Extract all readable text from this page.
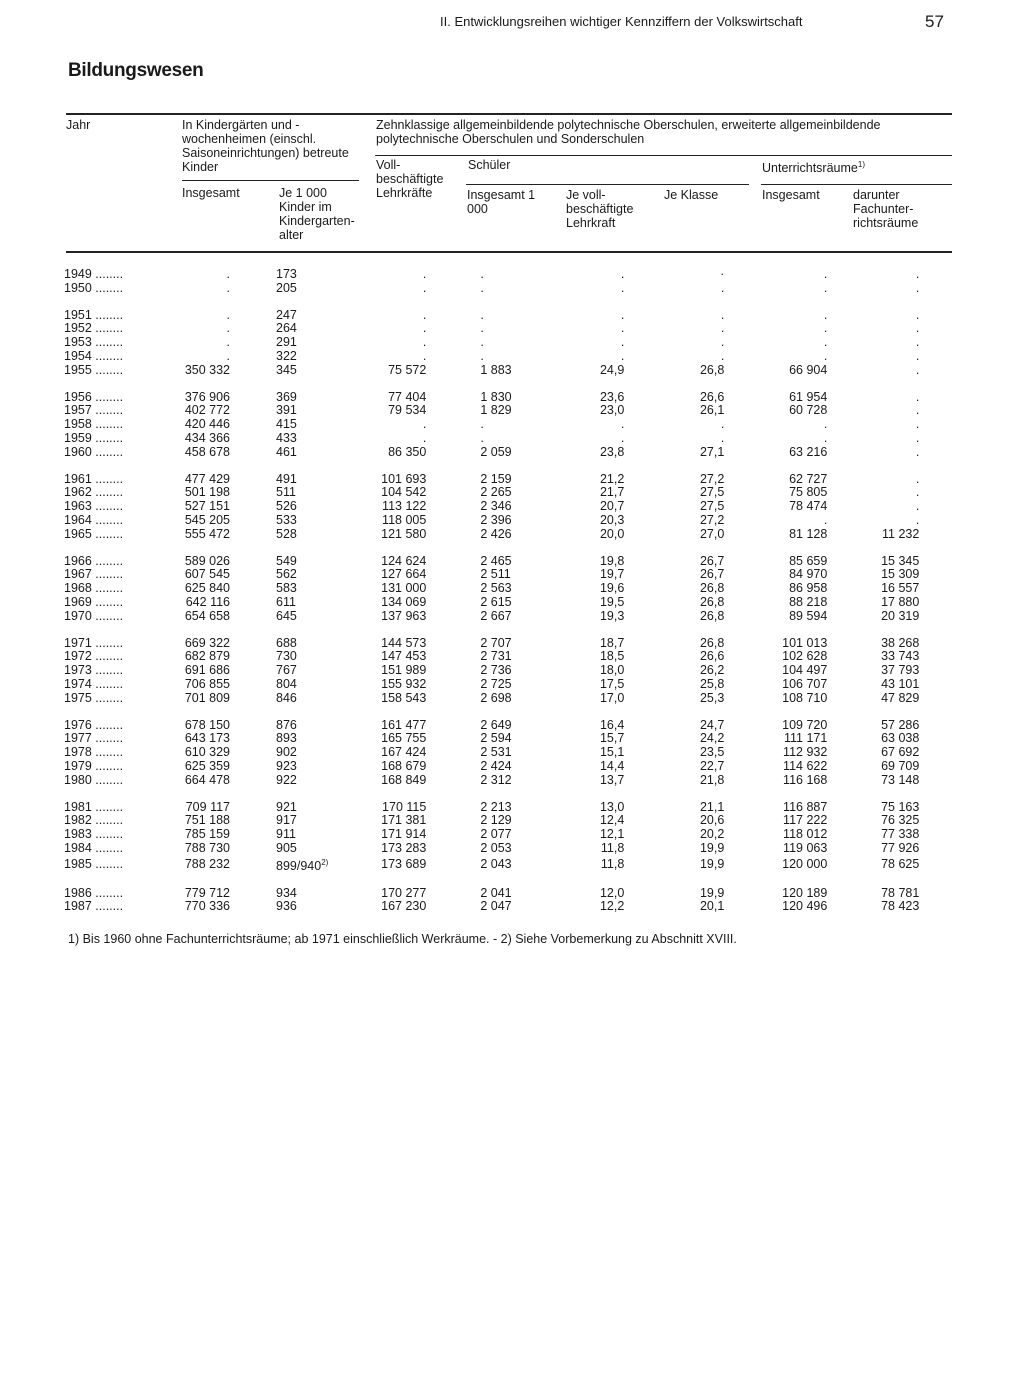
II. Entwicklungsreihen wichtiger Kennziffern der Volkswirtschaft	57
Bildungswesen
Jahr	In Kindergärten und -wochenheimen (einschl. Saisoneinrichtungen) betreute Kinder
Zehnklassige allgemeinbildende polytechnische Oberschulen, erweiterte allgemeinbildende polytechnische Oberschulen und Sonderschulen
Insgesamt	Je 1 000 Kinder im Kindergarten- alter
Voll- beschäftigte Lehrkräfte
Schüler
Insgesamt 1 000
Je voll- beschäftigte Lehrkraft
Je Klasse
Unterrichtsräume$^{1)}$
Insgesamt	darunter Fachunter- richtsräume
1949 ........	.	173	.	.	.	·	.	.
1950 ........	.	205	.	.	.	.	.	.

1951 ........	.	247	.	.	.	.	.	.
1952 ........	.	264	.	.	.	.	.	.
1953 ........	.	291	.	.	.	.	.	.
1954 ........	.	322	.	.	.	.	.	.
1955 ........	350 332	345	75 572	1 883	24,9	26,8	66 904	.

1956 ........	376 906	369	77 404	1 830	23,6	26,6	61 954	.
1957 ........	402 772	391	79 534	1 829	23,0	26,1	60 728	.
1958 ........	420 446	415	.	.	.	.	.	.
1959 ........	434 366	433	.	.	.	.	.	.
1960 ........	458 678	461	86 350	2 059	23,8	27,1	63 216	.

1961 ........	477 429	491	101 693	2 159	21,2	27,2	62 727	.
1962 ........	501 198	511	104 542	2 265	21,7	27,5	75 805	.
1963 ........	527 151	526	113 122	2 346	20,7	27,5	78 474	.
1964 ........	545 205	533	118 005	2 396	20,3	27,2	.	.
1965 ........	555 472	528	121 580	2 426	20,0	27,0	81 128	11 232

1966 ........	589 026	549	124 624	2 465	19,8	26,7	85 659	15 345
1967 ........	607 545	562	127 664	2 511	19,7	26,7	84 970	15 309
1968 ........	625 840	583	131 000	2 563	19,6	26,8	86 958	16 557
1969 ........	642 116	611	134 069	2 615	19,5	26,8	88 218	17 880
1970 ........	654 658	645	137 963	2 667	19,3	26,8	89 594	20 319

1971 ........	669 322	688	144 573	2 707	18,7	26,8	101 013	38 268
1972 ........	682 879	730	147 453	2 731	18,5	26,6	102 628	33 743
1973 ........	691 686	767	151 989	2 736	18,0	26,2	104 497	37 793
1974 ........	706 855	804	155 932	2 725	17,5	25,8	106 707	43 101
1975 ........	701 809	846	158 543	2 698	17,0	25,3	108 710	47 829

1976 ........	678 150	876	161 477	2 649	16,4	24,7	109 720	57 286
1977 ........	643 173	893	165 755	2 594	15,7	24,2	111 171	63 038
1978 ........	610 329	902	167 424	2 531	15,1	23,5	112 932	67 692
1979 ........	625 359	923	168 679	2 424	14,4	22,7	114 622	69 709
1980 ........	664 478	922	168 849	2 312	13,7	21,8	116 168	73 148

1981 ........	709 117	921	170 115	2 213	13,0	21,1	116 887	75 163
1982 ........	751 188	917	171 381	2 129	12,4	20,6	117 222	76 325
1983 ........	785 159	911	171 914	2 077	12,1	20,2	118 012	77 338
1984 ........	788 730	905	173 283	2 053	11,8	19,9	119 063	77 926
1985 ........	788 232	899/940$^{2)}$	173 689	2 043	11,8	19,9	120 000	78 625

1986 ........	779 712	934	170 277	2 041	12,0	19,9	120 189	78 781
1987 ........	770 336	936	167 230	2 047	12,2	20,1	120 496	78 423
1) Bis 1960 ohne Fachunterrichtsräume; ab 1971 einschließlich Werkräume. - 2) Siehe Vorbemerkung zu Abschnitt XVIII.
